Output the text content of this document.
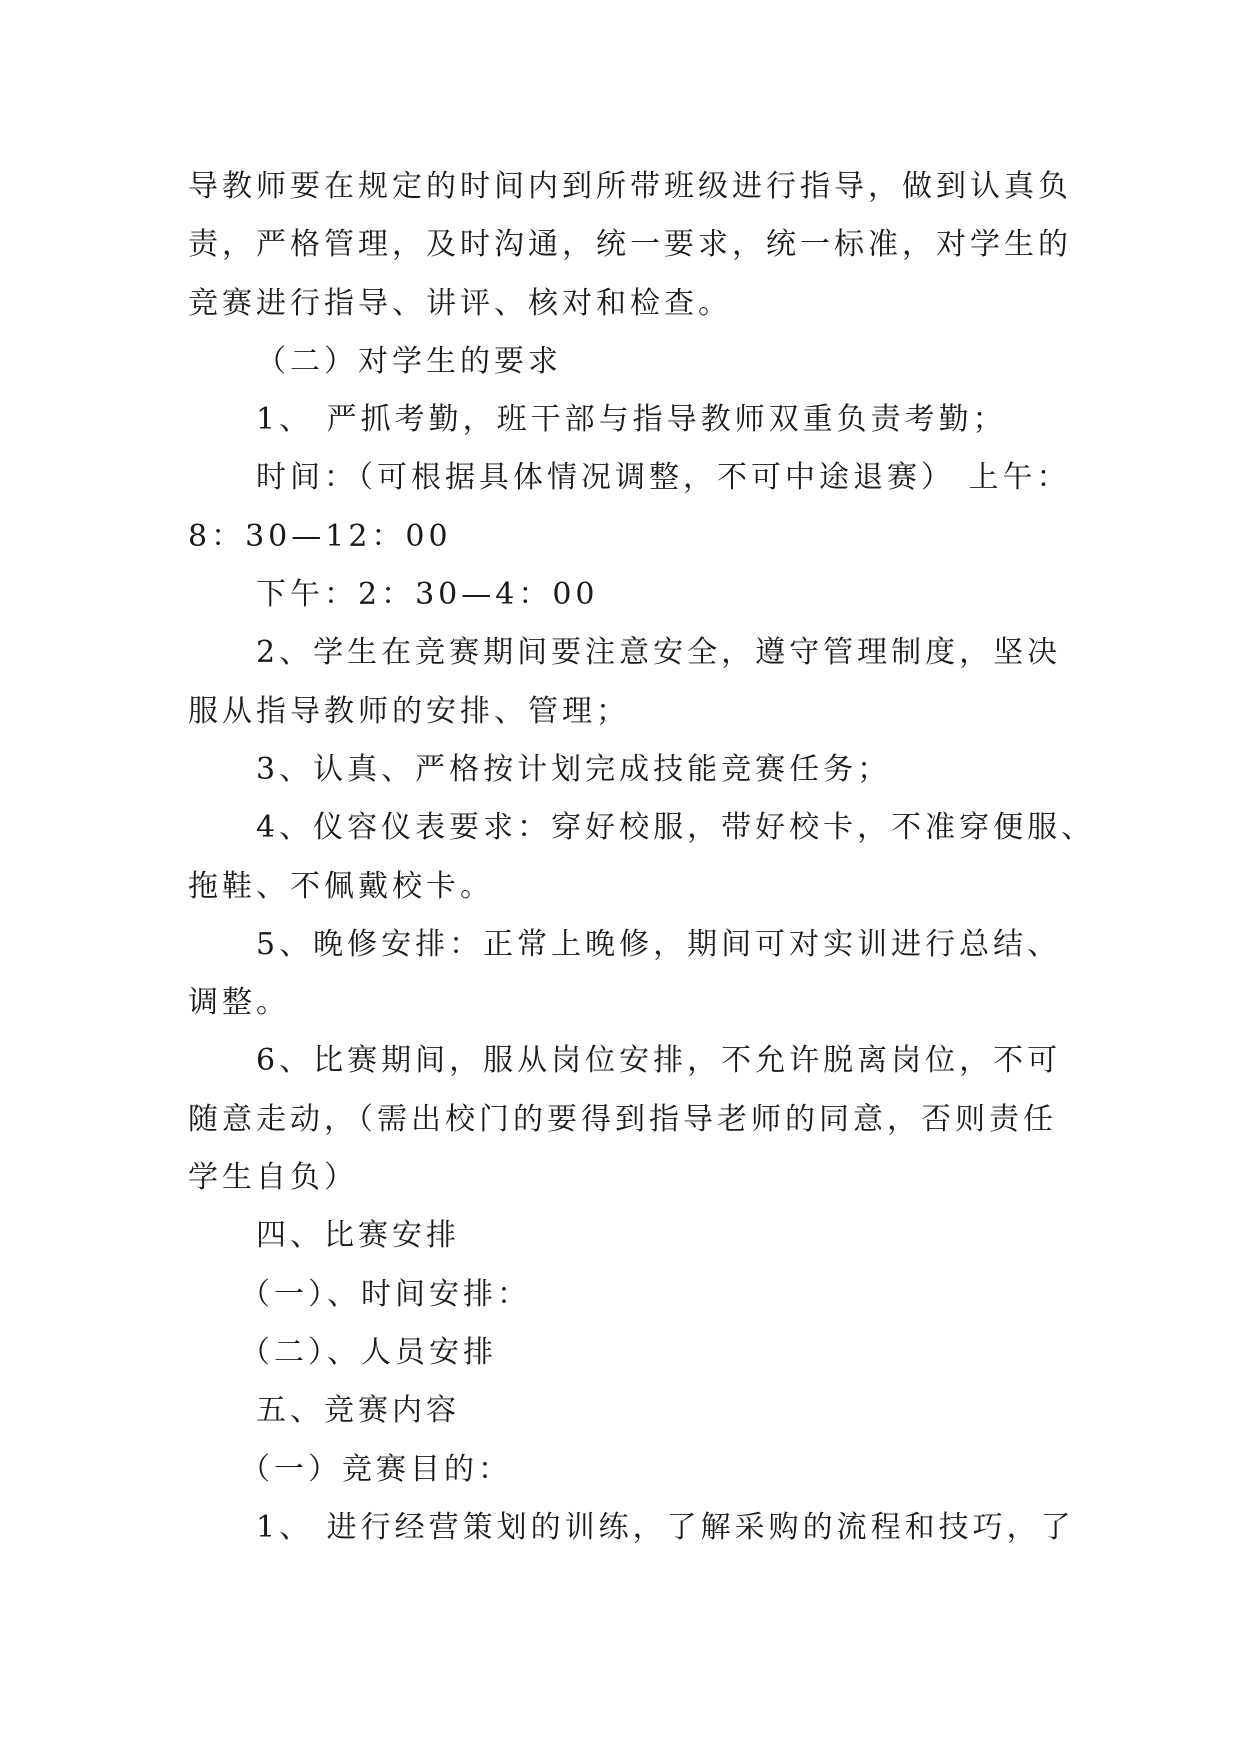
导教师要在规定的时间内到所带班级进行指导，做到认真负
责，严格管理，及时沟通，统一要求，统一标准，对学生的
竞赛进行指导、讲评、核对和检查。
（二）对学生的要求
1、 严抓考勤，班干部与指导教师双重负责考勤；
时间：（可根据具体情况调整，不可中途退赛） 上午：
8：30—12：00
下午：2：30—4：00
2、学生在竞赛期间要注意安全，遵守管理制度，坚决
服从指导教师的安排、管理；
3、认真、严格按计划完成技能竞赛任务；
4、仪容仪表要求：穿好校服，带好校卡，不准穿便服、
拖鞋、不佩戴校卡。
5、晚修安排：正常上晚修，期间可对实训进行总结、
调整。
6、比赛期间，服从岗位安排，不允许脱离岗位，不可
随意走动，（需出校门的要得到指导老师的同意，否则责任
学生自负）
四、比赛安排
（一）、时间安排：
（二）、人员安排
五、竞赛内容
（一）竞赛目的：
1、 进行经营策划的训练，了解采购的流程和技巧，了
